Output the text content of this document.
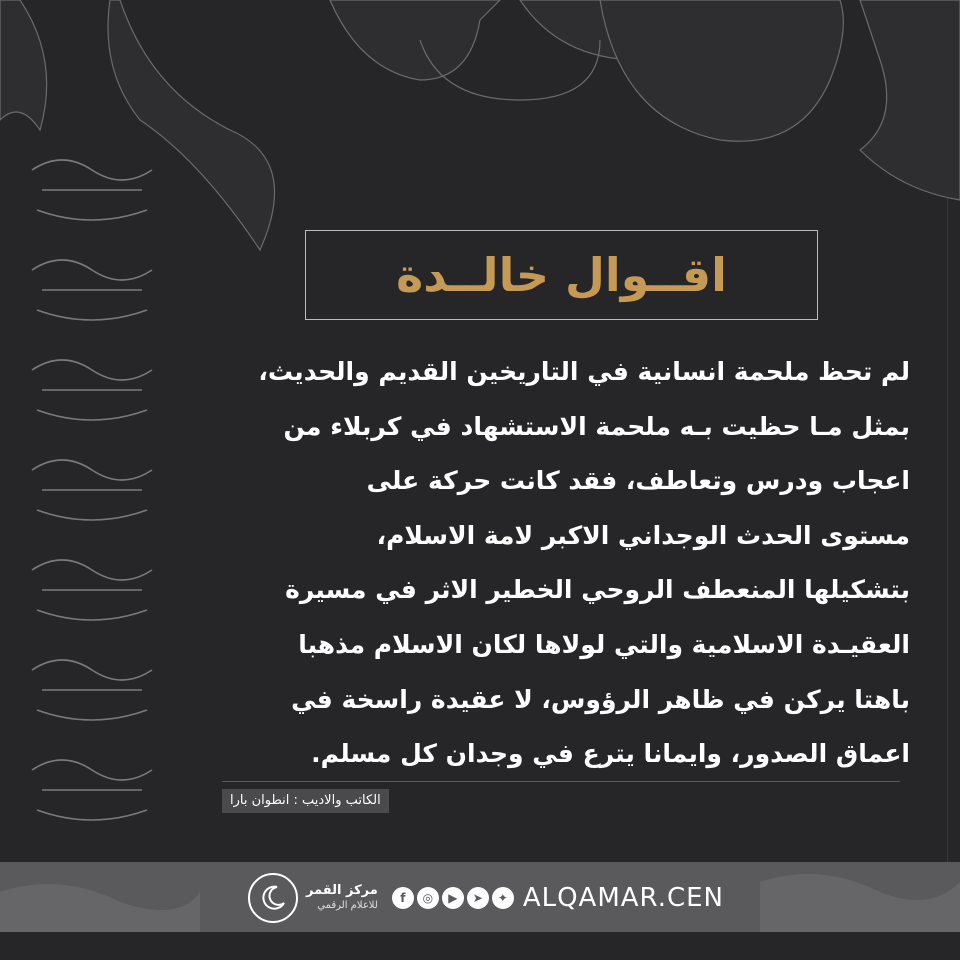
اقــوال خالــدة
لم تحظ ملحمة انسانية في التاريخين القديم والحديث،
بمثل مـا حظيت بـه ملحمة الاستشهاد في كربلاء من
اعجاب ودرس وتعاطف، فقد كانت حركة على
مستوى الحدث الوجداني الاكبر لامة الاسلام،
بتشكيلها المنعطف الروحي الخطير الاثر في مسيرة
العقيـدة الاسلامية والتي لولاها لكان الاسلام مذهبا
باهتا يركن في ظاهر الرؤوس، لا عقيدة راسخة في
اعماق الصدور، وايمانا يترع في وجدان كل مسلم.
الكاتب والاديب : انطوان بارا
مركز القمر
للاعلام الرقمي
f	◎	▶	➤	✦ ALQAMAR.CEN
